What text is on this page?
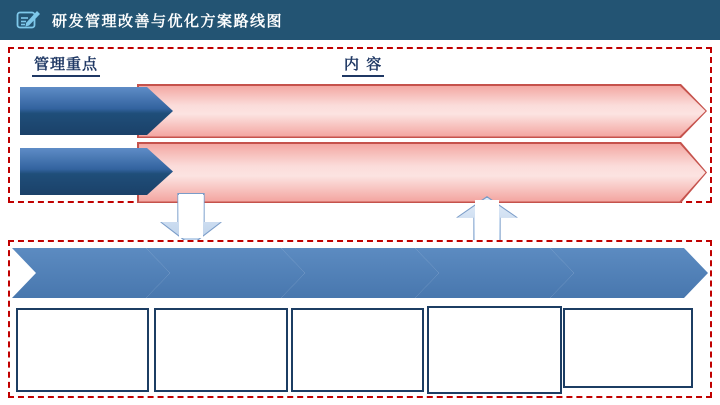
研发管理改善与优化方案路线图
管理重点	内 容
